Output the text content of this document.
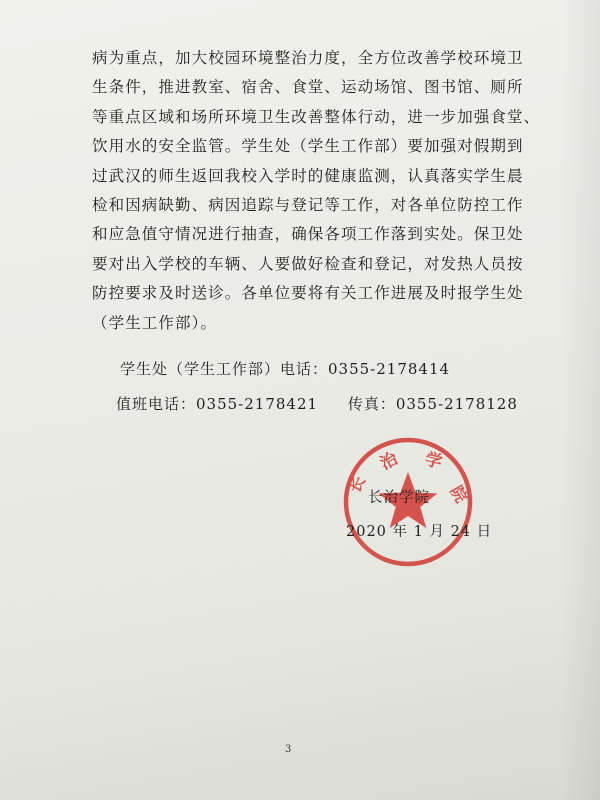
病为重点，加大校园环境整治力度，全方位改善学校环境卫
生条件，推进教室、宿舍、食堂、运动场馆、图书馆、厕所
等重点区域和场所环境卫生改善整体行动，进一步加强食堂、
饮用水的安全监管。学生处（学生工作部）要加强对假期到
过武汉的师生返回我校入学时的健康监测，认真落实学生晨
检和因病缺勤、病因追踪与登记等工作，对各单位防控工作
和应急值守情况进行抽查，确保各项工作落到实处。保卫处
要对出入学校的车辆、人要做好检查和登记，对发热人员按
防控要求及时送诊。各单位要将有关工作进展及时报学生处
（学生工作部）。
学生处（学生工作部）电话：0355-2178414
值班电话：0355-2178421 传真：0355-2178128
治 学
长	院
长治学院
2020 年 1 月 24 日
3
